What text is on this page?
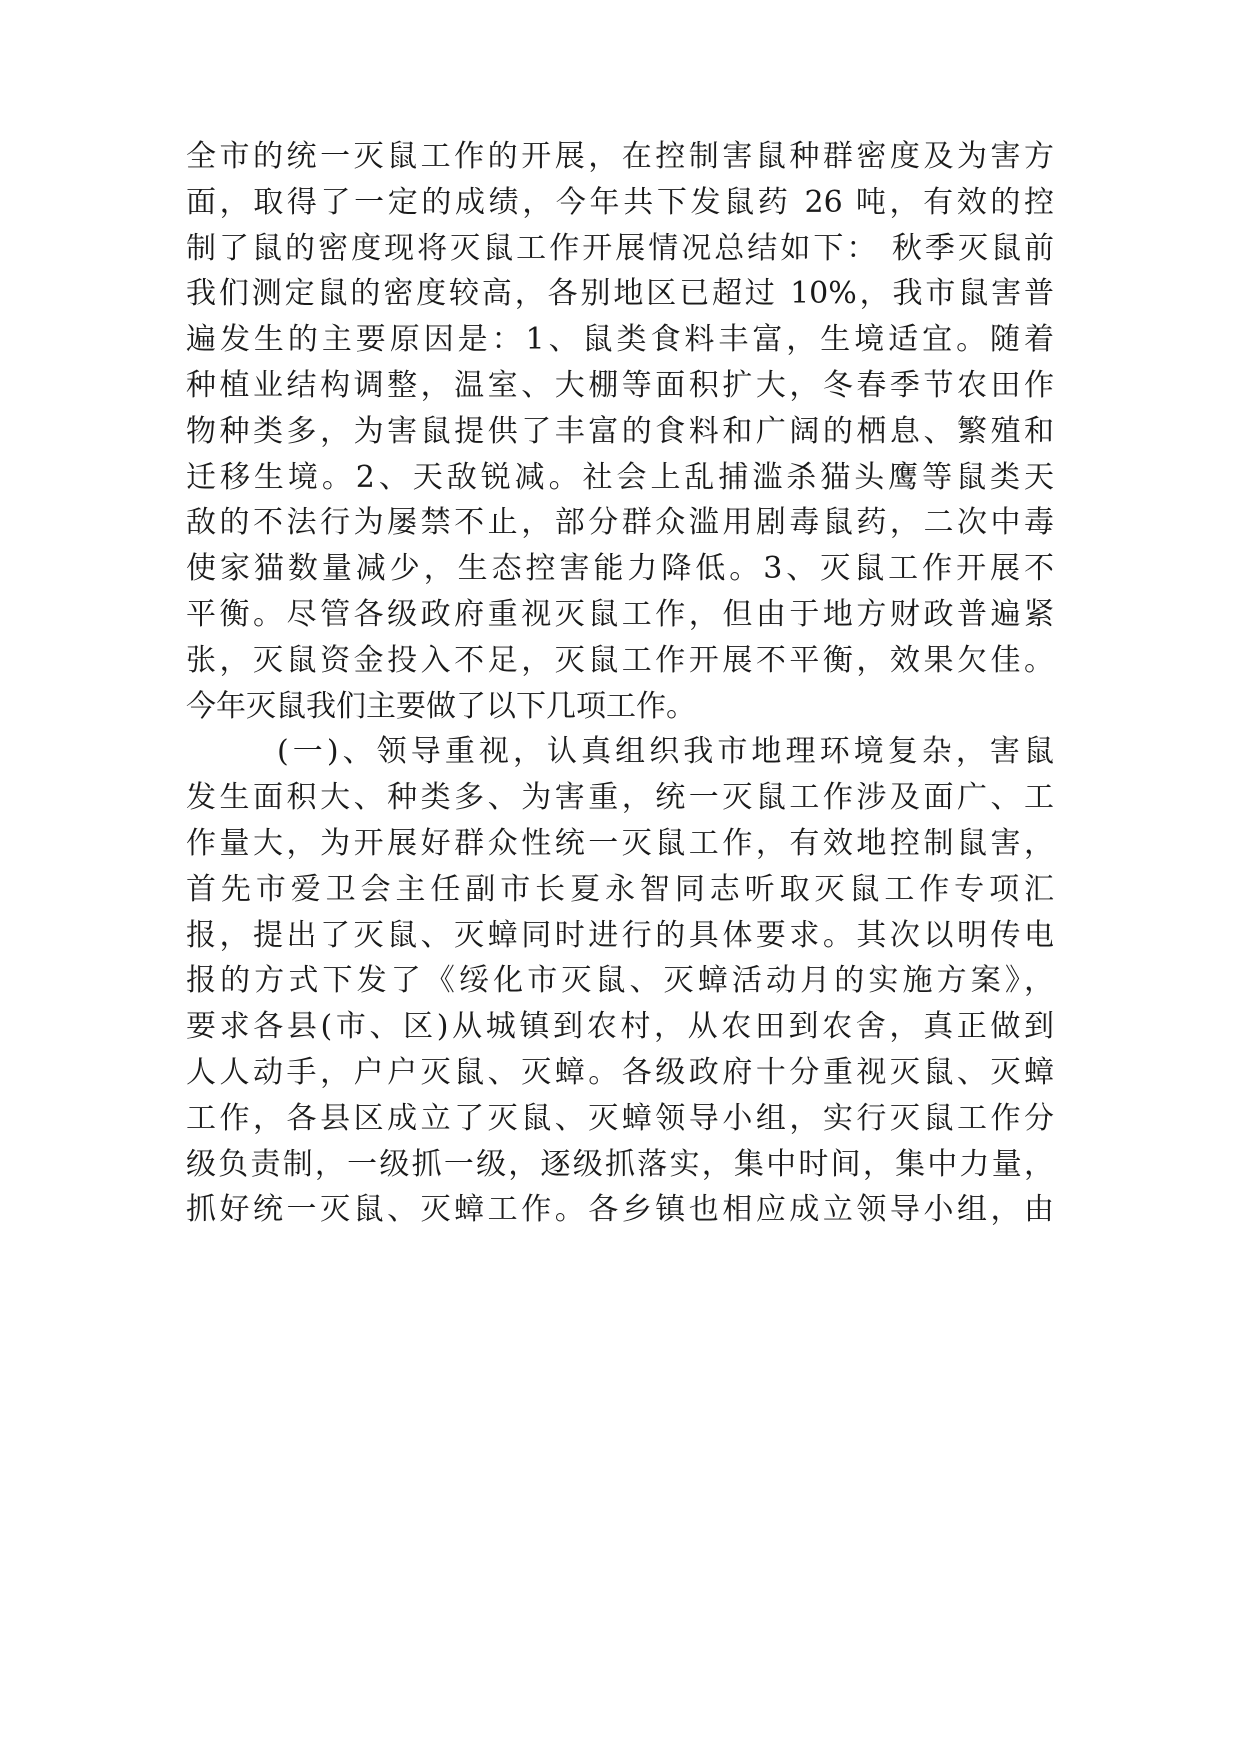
全市的统一灭鼠工作的开展，在控制害鼠种群密度及为害方
面，取得了一定的成绩，今年共下发鼠药 26 吨，有效的控
制了鼠的密度现将灭鼠工作开展情况总结如下： 秋季灭鼠前
我们测定鼠的密度较高，各别地区已超过 10%，我市鼠害普
遍发生的主要原因是：1、鼠类食料丰富，生境适宜。随着
种植业结构调整，温室、大棚等面积扩大，冬春季节农田作
物种类多，为害鼠提供了丰富的食料和广阔的栖息、繁殖和
迁移生境。2、天敌锐减。社会上乱捕滥杀猫头鹰等鼠类天
敌的不法行为屡禁不止，部分群众滥用剧毒鼠药，二次中毒
使家猫数量减少，生态控害能力降低。3、灭鼠工作开展不
平衡。尽管各级政府重视灭鼠工作，但由于地方财政普遍紧
张，灭鼠资金投入不足，灭鼠工作开展不平衡，效果欠佳。
今年灭鼠我们主要做了以下几项工作。
(一)、领导重视，认真组织我市地理环境复杂，害鼠
发生面积大、种类多、为害重，统一灭鼠工作涉及面广、工
作量大，为开展好群众性统一灭鼠工作，有效地控制鼠害，
首先市爱卫会主任副市长夏永智同志听取灭鼠工作专项汇
报，提出了灭鼠、灭蟑同时进行的具体要求。其次以明传电
报的方式下发了《绥化市灭鼠、灭蟑活动月的实施方案》，
要求各县(市、区)从城镇到农村，从农田到农舍，真正做到
人人动手，户户灭鼠、灭蟑。各级政府十分重视灭鼠、灭蟑
工作，各县区成立了灭鼠、灭蟑领导小组，实行灭鼠工作分
级负责制，一级抓一级，逐级抓落实，集中时间，集中力量，
抓好统一灭鼠、灭蟑工作。各乡镇也相应成立领导小组，由
